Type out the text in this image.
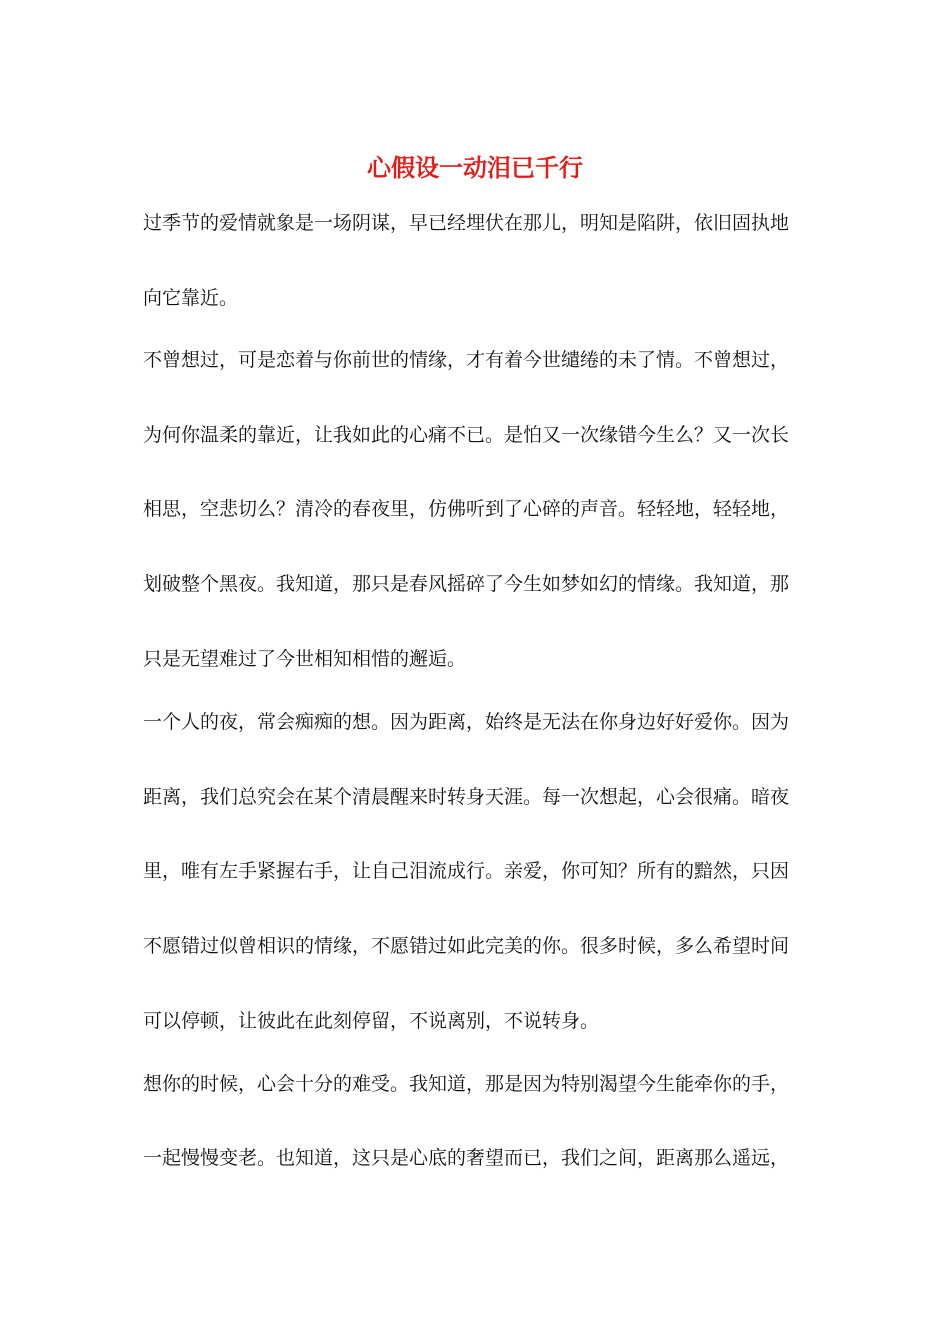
心假设一动泪已千行
过季节的爱情就象是一场阴谋，早已经埋伏在那儿，明知是陷阱，依旧固执地
向它靠近。
不曾想过，可是恋着与你前世的情缘，才有着今世缱绻的未了情。不曾想过，
为何你温柔的靠近，让我如此的心痛不已。是怕又一次缘错今生么？又一次长
相思，空悲切么？清冷的春夜里，仿佛听到了心碎的声音。轻轻地，轻轻地，
划破整个黑夜。我知道，那只是春风摇碎了今生如梦如幻的情缘。我知道，那
只是无望难过了今世相知相惜的邂逅。
一个人的夜，常会痴痴的想。因为距离，始终是无法在你身边好好爱你。因为
距离，我们总究会在某个清晨醒来时转身天涯。每一次想起，心会很痛。暗夜
里，唯有左手紧握右手，让自己泪流成行。亲爱，你可知？所有的黯然，只因
不愿错过似曾相识的情缘，不愿错过如此完美的你。很多时候，多么希望时间
可以停顿，让彼此在此刻停留，不说离别，不说转身。
想你的时候，心会十分的难受。我知道，那是因为特别渴望今生能牵你的手，
一起慢慢变老。也知道，这只是心底的奢望而已，我们之间，距离那么遥远，
